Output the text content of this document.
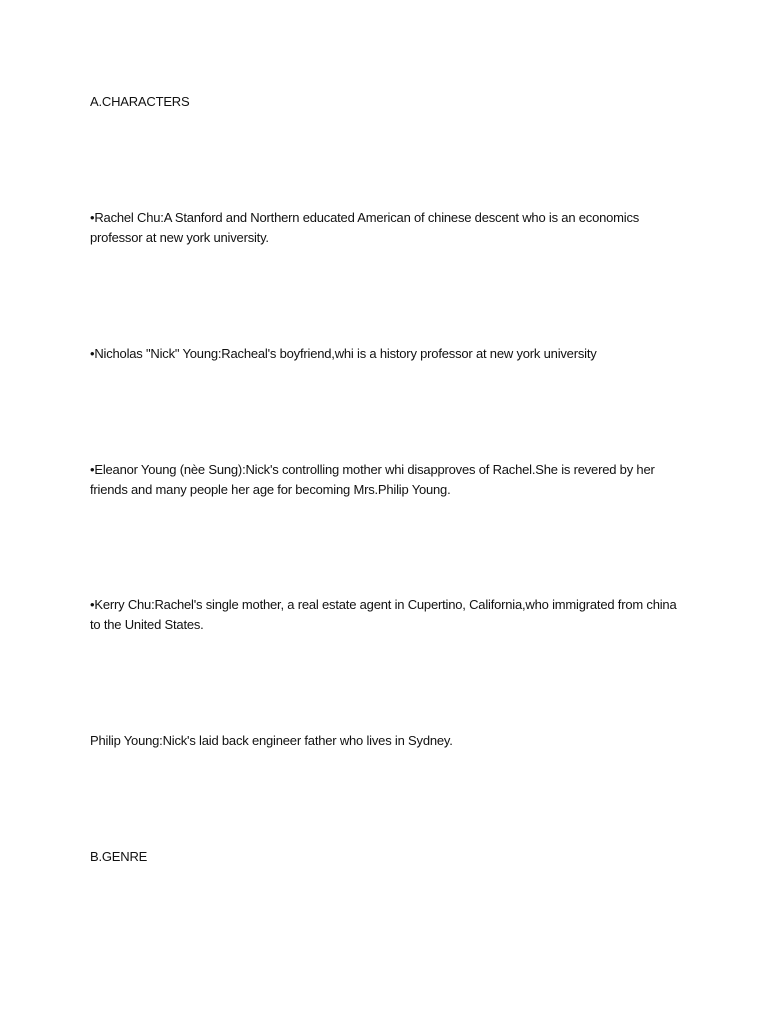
A.CHARACTERS

•Rachel Chu:A Stanford and Northern educated American of chinese descent who is an economics professor at new york university.

•Nicholas "Nick" Young:Racheal's boyfriend,whi is a history professor at new york university

•Eleanor Young (nèe Sung):Nick's controlling mother whi disapproves of Rachel.She is revered by her friends and many people her age for becoming Mrs.Philip Young.

•Kerry Chu:Rachel's single mother, a real estate agent in Cupertino, California,who immigrated from china to the United States.

Philip Young:Nick's laid back engineer father who lives in Sydney.

B.GENRE
